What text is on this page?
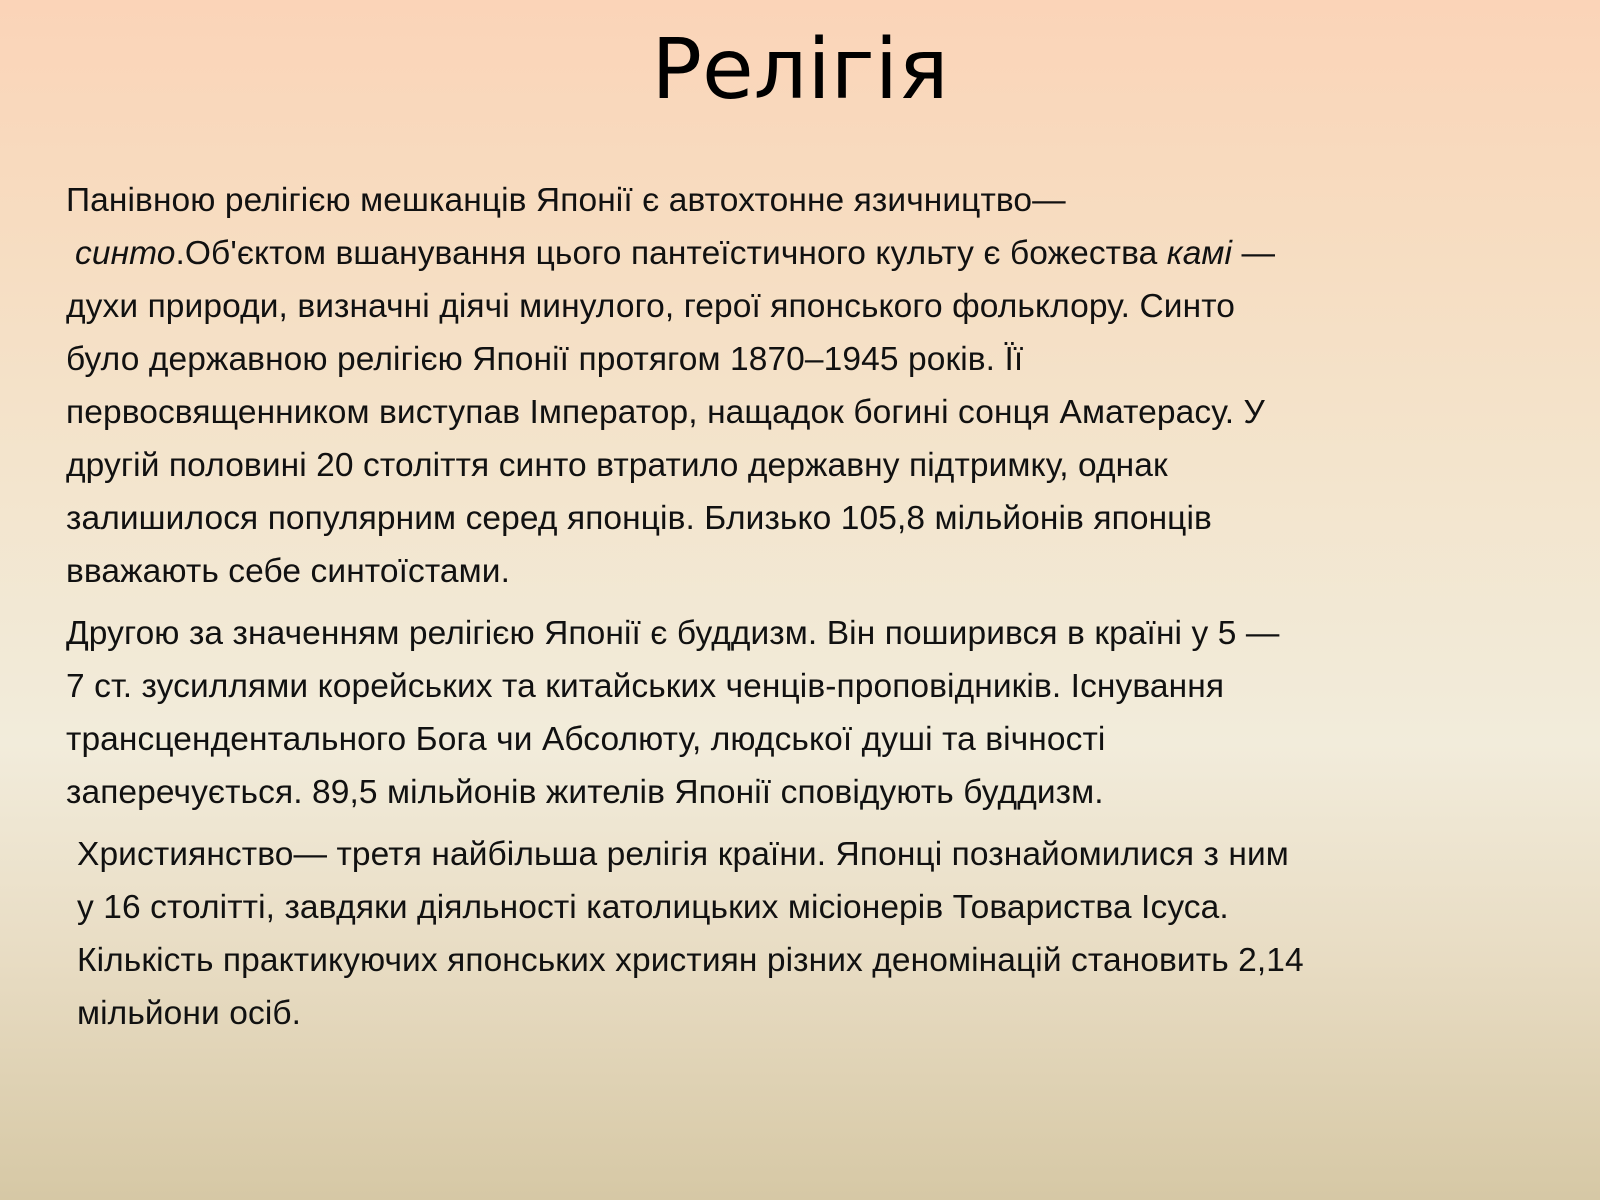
Релігія

Панівною релігією мешканців Японії є автохтонне язичництво—
синто.Об'єктом вшанування цього пантеїстичного культу є божества камі —
духи природи, визначні діячі минулого, герої японського фольклору. Синто
було державною релігією Японії протягом 1870–1945 років. Її
первосвященником виступав Імператор, нащадок богині сонця Аматерасу. У
другій половині 20 століття синто втратило державну підтримку, однак
залишилося популярним серед японців. Близько 105,8 мільйонів японців
вважають себе синтоїстами.

Другою за значенням релігією Японії є буддизм. Він поширився в країні у 5 —
7 ст. зусиллями корейських та китайських ченців-проповідників. Існування
трансцендентального Бога чи Абсолюту, людської душі та вічності
заперечується. 89,5 мільйонів жителів Японії сповідують буддизм.

Християнство— третя найбільша релігія країни. Японці познайомилися з ним
у 16 столітті, завдяки діяльності католицьких місіонерів Товариства Ісуса.
Кількість практикуючих японських християн різних деномінацій становить 2,14
мільйони осіб.
